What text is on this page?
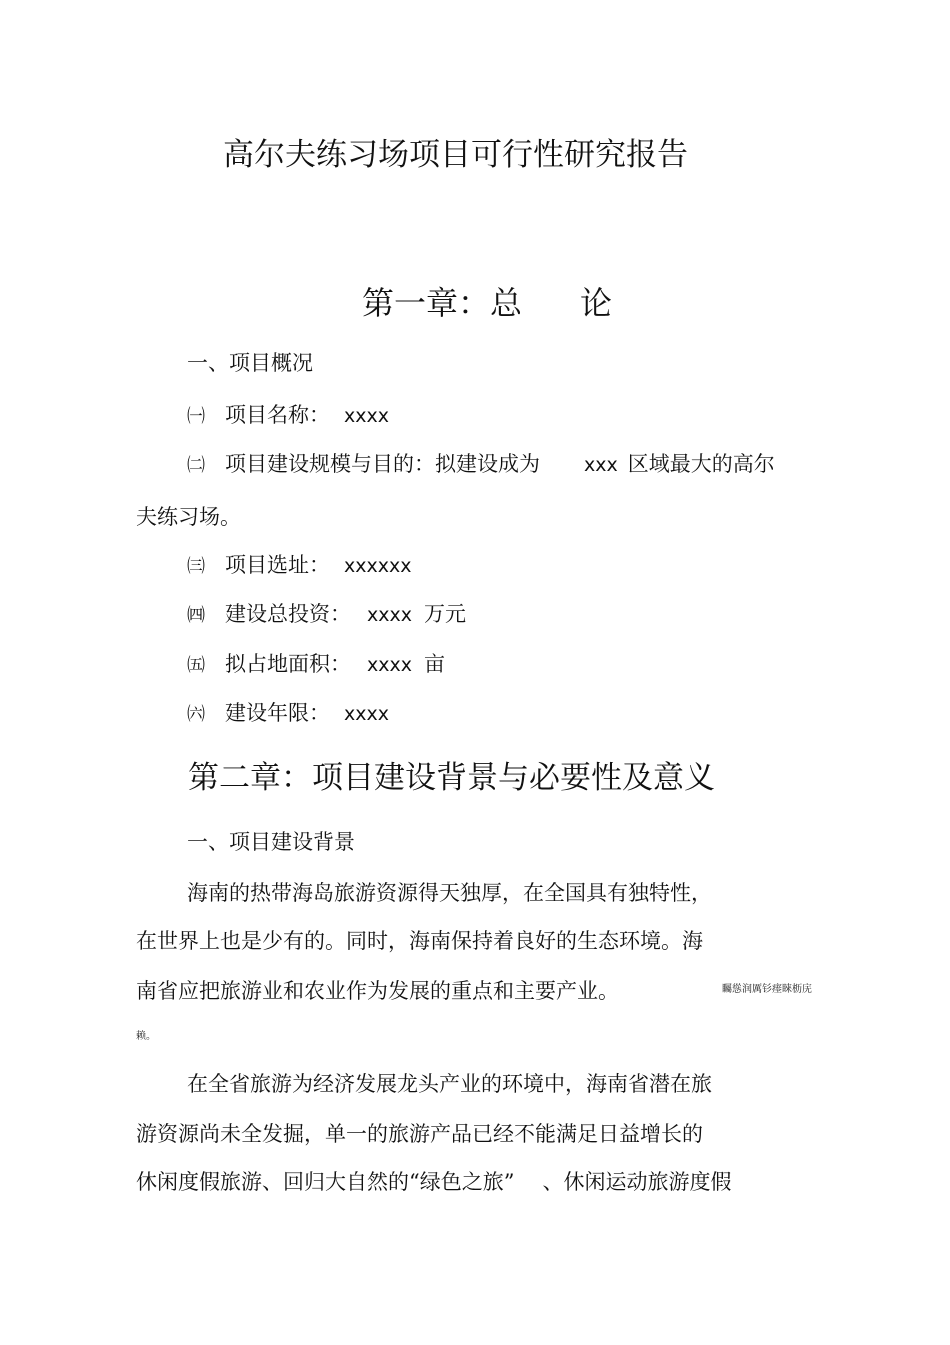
高尔夫练习场项目可行性研究报告
第一章：总 论
一、项目概况
㈠ 项目名称： xxxx
㈡ 项目建设规模与目的：拟建设成为 xxx 区域最大的高尔
夫练习场。
㈢ 项目选址： xxxxxx
㈣ 建设总投资： xxxx 万元
㈤ 拟占地面积： xxxx 亩
㈥ 建设年限： xxxx
第二章：项目建设背景与必要性及意义
一、项目建设背景
海南的热带海岛旅游资源得天独厚，在全国具有独特性，
在世界上也是少有的。同时，海南保持着良好的生态环境。海
南省应把旅游业和农业作为发展的重点和主要产业。	矚慫润厲钐瘗睞枥庑
赖。
在全省旅游为经济发展龙头产业的环境中，海南省潜在旅
游资源尚未全发掘，单一的旅游产品已经不能满足日益增长的
休闲度假旅游、回归大自然的“绿色之旅” 、休闲运动旅游度假
